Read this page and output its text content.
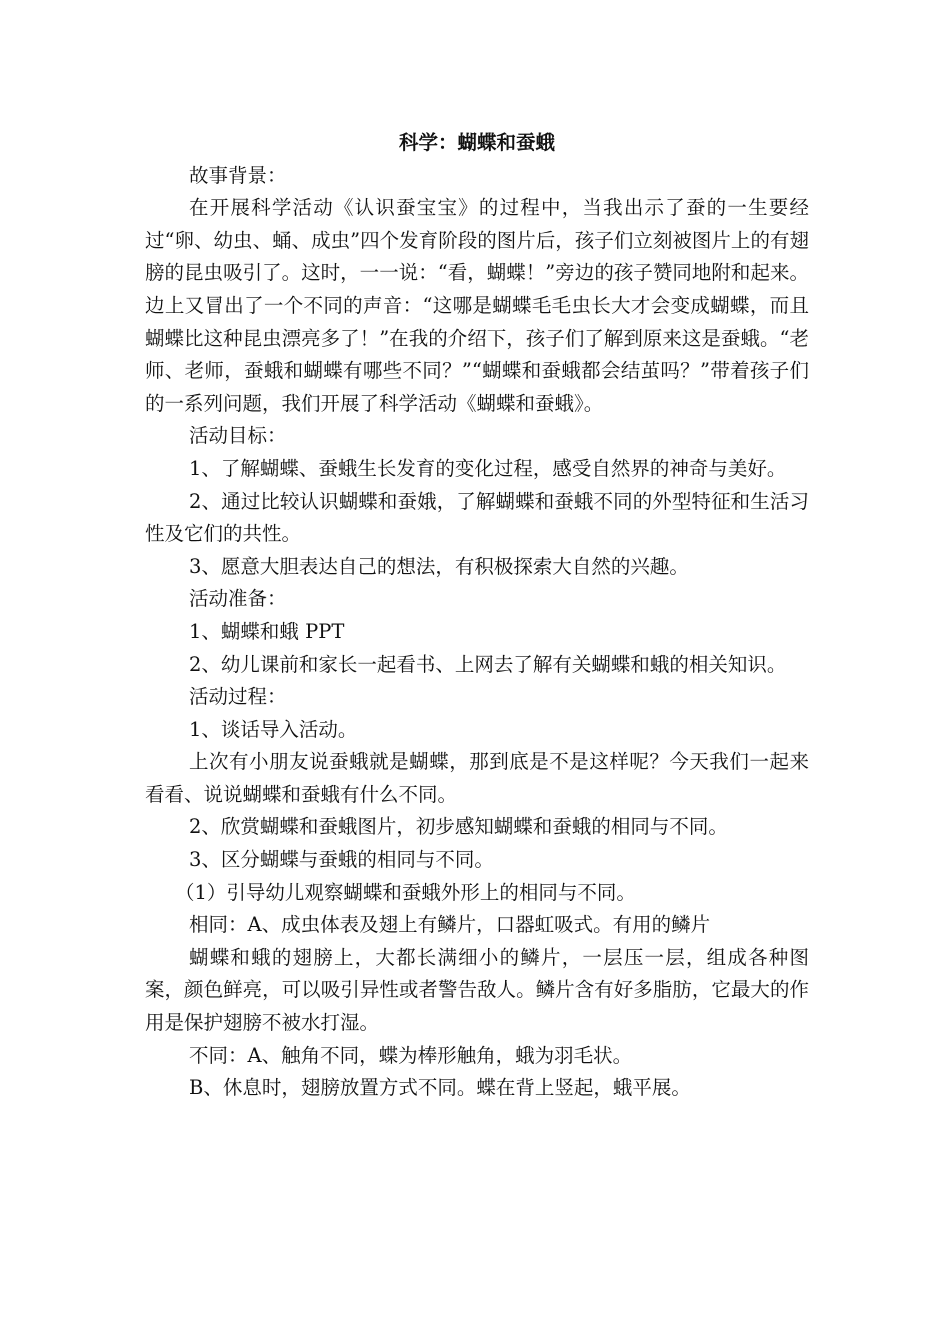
科学：蝴蝶和蚕蛾

故事背景：

在开展科学活动《认识蚕宝宝》的过程中，当我出示了蚕的一生要经过“卵、幼虫、蛹、成虫”四个发育阶段的图片后，孩子们立刻被图片上的有翅膀的昆虫吸引了。这时，一一说：“看，蝴蝶！”旁边的孩子赞同地附和起来。边上又冒出了一个不同的声音：“这哪是蝴蝶毛毛虫长大才会变成蝴蝶，而且蝴蝶比这种昆虫漂亮多了！”在我的介绍下，孩子们了解到原来这是蚕蛾。“老师、老师，蚕蛾和蝴蝶有哪些不同？”“蝴蝶和蚕蛾都会结茧吗？”带着孩子们的一系列问题，我们开展了科学活动《蝴蝶和蚕蛾》。

活动目标：

1、了解蝴蝶、蚕蛾生长发育的变化过程，感受自然界的神奇与美好。

2、通过比较认识蝴蝶和蚕娥，了解蝴蝶和蚕蛾不同的外型特征和生活习性及它们的共性。

3、愿意大胆表达自己的想法，有积极探索大自然的兴趣。

活动准备：

1、蝴蝶和蛾 PPT

2、幼儿课前和家长一起看书、上网去了解有关蝴蝶和蛾的相关知识。

活动过程：

1、谈话导入活动。

上次有小朋友说蚕蛾就是蝴蝶，那到底是不是这样呢？今天我们一起来看看、说说蝴蝶和蚕蛾有什么不同。

2、欣赏蝴蝶和蚕蛾图片，初步感知蝴蝶和蚕蛾的相同与不同。

3、区分蝴蝶与蚕蛾的相同与不同。

（1）引导幼儿观察蝴蝶和蚕蛾外形上的相同与不同。

相同：A、成虫体表及翅上有鳞片，口器虹吸式。有用的鳞片

蝴蝶和蛾的翅膀上，大都长满细小的鳞片，一层压一层，组成各种图案，颜色鲜亮，可以吸引异性或者警告敌人。鳞片含有好多脂肪，它最大的作用是保护翅膀不被水打湿。

不同：A、触角不同，蝶为棒形触角，蛾为羽毛状。

B、休息时，翅膀放置方式不同。蝶在背上竖起，蛾平展。
